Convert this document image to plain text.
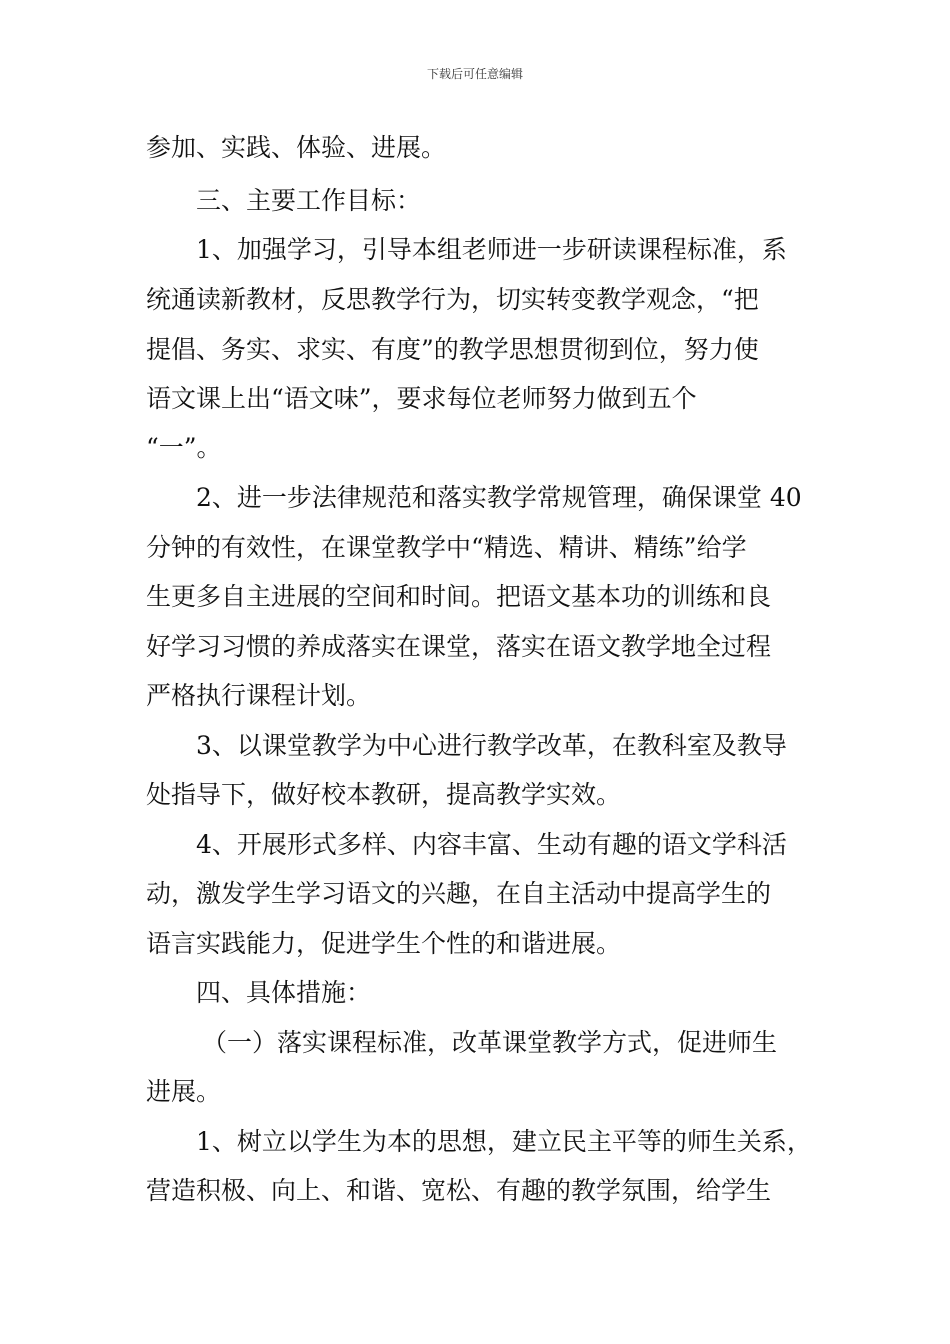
下载后可任意编辑
参加、实践、体验、进展。
三、主要工作目标：
1、加强学习，引导本组老师进一步研读课程标准，系
统通读新教材，反思教学行为，切实转变教学观念，“把
提倡、务实、求实、有度”的教学思想贯彻到位，努力使
语文课上出“语文味”，要求每位老师努力做到五个
“一”。
2、进一步法律规范和落实教学常规管理，确保课堂 40
分钟的有效性，在课堂教学中“精选、精讲、精练”给学
生更多自主进展的空间和时间。把语文基本功的训练和良
好学习习惯的养成落实在课堂，落实在语文教学地全过程
严格执行课程计划。
3、以课堂教学为中心进行教学改革，在教科室及教导
处指导下，做好校本教研，提高教学实效。
4、开展形式多样、内容丰富、生动有趣的语文学科活
动，激发学生学习语文的兴趣，在自主活动中提高学生的
语言实践能力，促进学生个性的和谐进展。
四、具体措施：
（一）落实课程标准，改革课堂教学方式，促进师生
进展。
1、树立以学生为本的思想，建立民主平等的师生关系，
营造积极、向上、和谐、宽松、有趣的教学氛围，给学生
